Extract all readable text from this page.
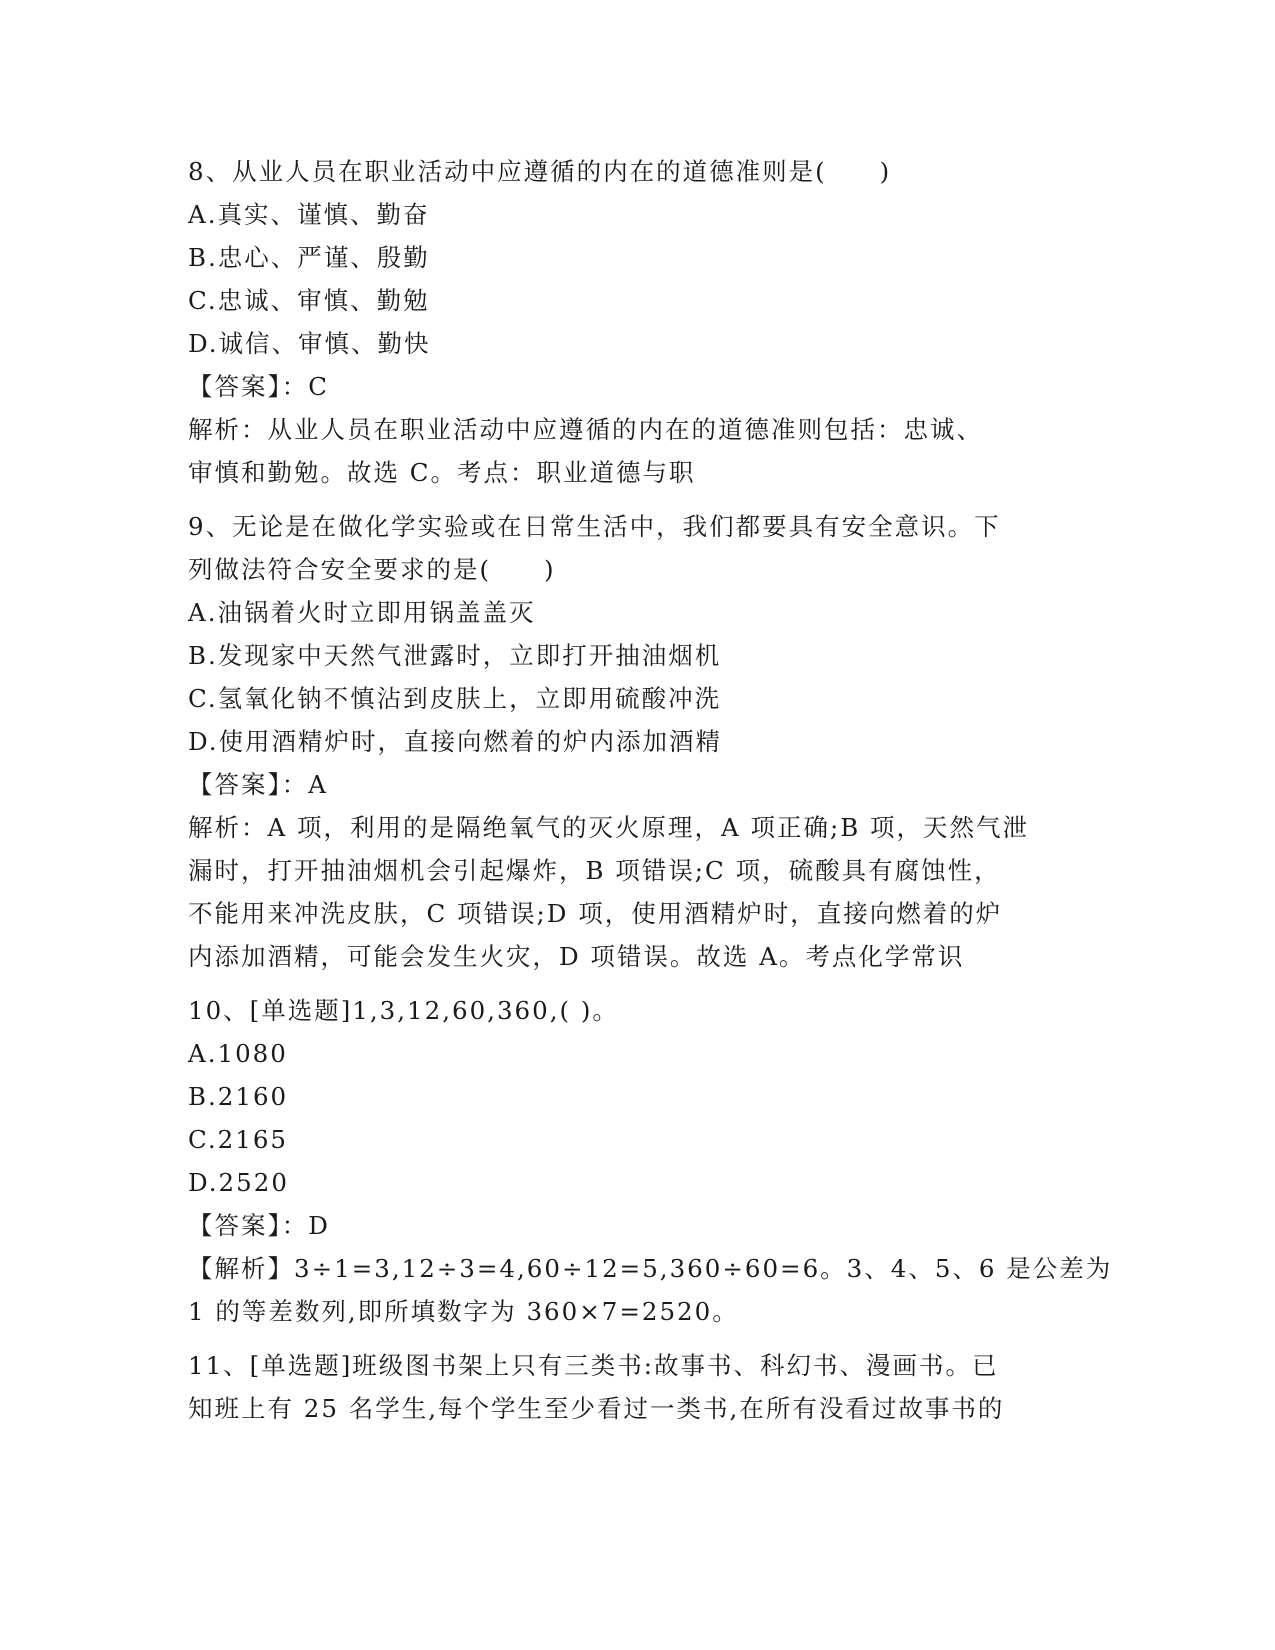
8、从业人员在职业活动中应遵循的内在的道德准则是(　　)
A.真实、谨慎、勤奋
B.忠心、严谨、殷勤
C.忠诚、审慎、勤勉
D.诚信、审慎、勤快
【答案】：C
解析：从业人员在职业活动中应遵循的内在的道德准则包括：忠诚、
审慎和勤勉。故选 C。考点：职业道德与职
9、无论是在做化学实验或在日常生活中，我们都要具有安全意识。下
列做法符合安全要求的是(　　)
A.油锅着火时立即用锅盖盖灭
B.发现家中天然气泄露时，立即打开抽油烟机
C.氢氧化钠不慎沾到皮肤上，立即用硫酸冲洗
D.使用酒精炉时，直接向燃着的炉内添加酒精
【答案】：A
解析：A 项，利用的是隔绝氧气的灭火原理，A 项正确;B 项，天然气泄
漏时，打开抽油烟机会引起爆炸，B 项错误;C 项，硫酸具有腐蚀性，
不能用来冲洗皮肤，C 项错误;D 项，使用酒精炉时，直接向燃着的炉
内添加酒精，可能会发生火灾，D 项错误。故选 A。考点化学常识
10、[单选题]1,3,12,60,360,( )。
A.1080
B.2160
C.2165
D.2520
【答案】：D
【解析】3÷1=3,12÷3=4,60÷12=5,360÷60=6。3、4、5、6 是公差为
1 的等差数列,即所填数字为 360×7=2520。
11、[单选题]班级图书架上只有三类书:故事书、科幻书、漫画书。已
知班上有 25 名学生,每个学生至少看过一类书,在所有没看过故事书的
